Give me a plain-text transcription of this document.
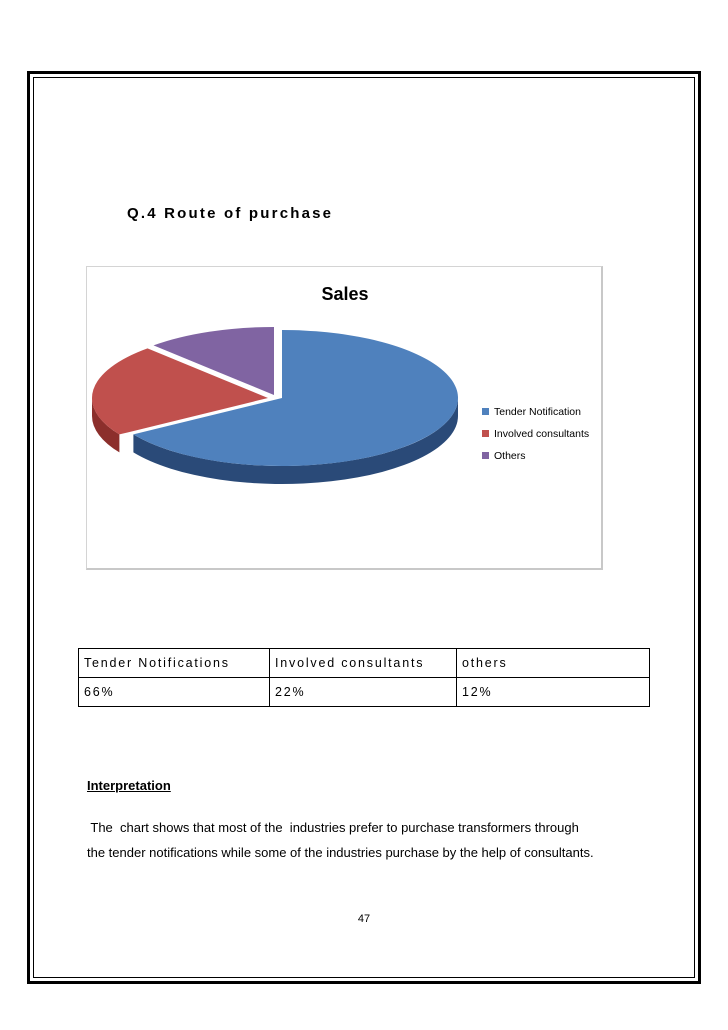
Q.4 Route of purchase
Sales
Tender Notification
Involved consultants
Others
Tender Notifications	Involved consultants	others
66%	22%	12%
Interpretation
The  chart shows that most of the  industries prefer to purchase transformers through
the tender notifications while some of the industries purchase by the help of consultants.
47
